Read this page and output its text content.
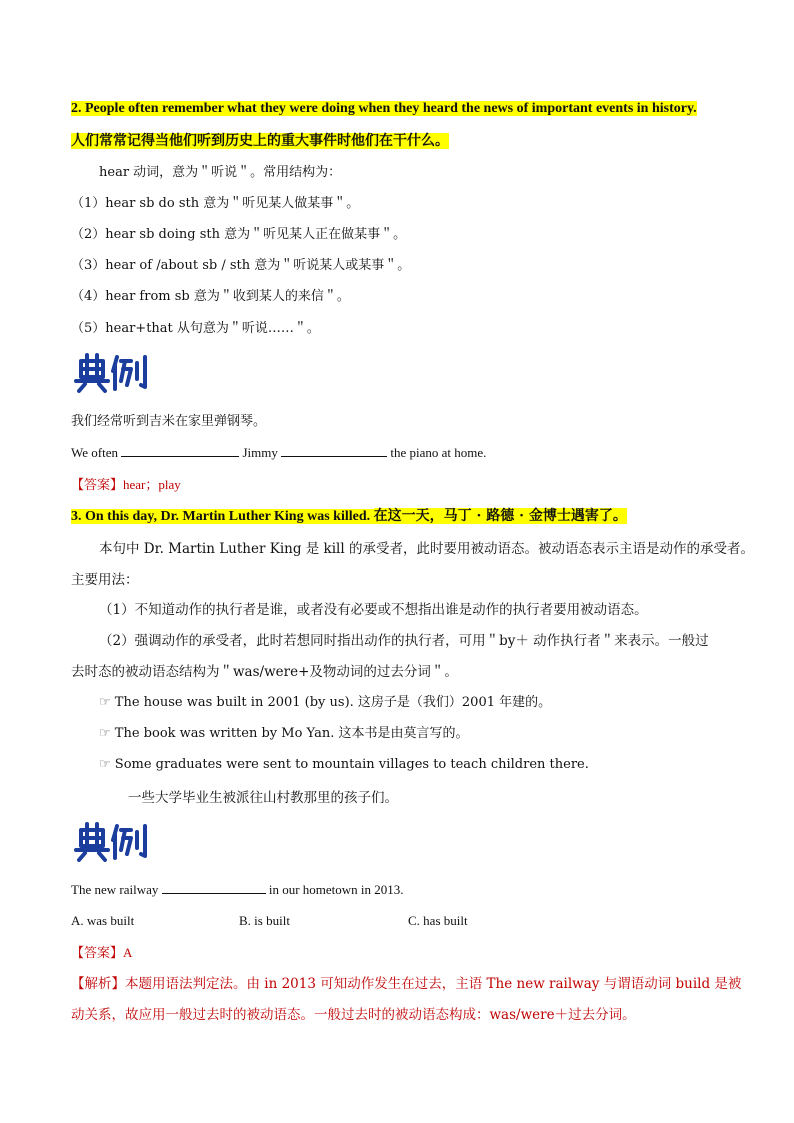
2. People often remember what they were doing when they heard the news of important events in history.
人们常常记得当他们听到历史上的重大事件时他们在干什么。
hear 动词，意为＂听说＂。常用结构为：
（1）hear sb do sth 意为＂听见某人做某事＂。
（2）hear sb doing sth 意为＂听见某人正在做某事＂。
（3）hear of /about sb / sth 意为＂听说某人或某事＂。
（4）hear from sb 意为＂收到某人的来信＂。
（5）hear+that 从句意为＂听说……＂。
我们经常听到吉米在家里弹钢琴。
We often	Jimmy	the piano at home.
【答案】hear；play
3. On this day, Dr. Martin Luther King was killed. 在这一天，马丁 · 路德 · 金博士遇害了。
本句中 Dr. Martin Luther King 是 kill 的承受者，此时要用被动语态。被动语态表示主语是动作的承受者。
主要用法：
（1）不知道动作的执行者是谁，或者没有必要或不想指出谁是动作的执行者要用被动语态。
（2）强调动作的承受者，此时若想同时指出动作的执行者，可用＂by＋ 动作执行者＂来表示。一般过
去时态的被动语态结构为＂was/were+及物动词的过去分词＂。
☞ The house was built in 2001 (by us). 这房子是（我们）2001 年建的。
☞ The book was written by Mo Yan. 这本书是由莫言写的。
☞ Some graduates were sent to mountain villages to teach children there.
一些大学毕业生被派往山村教那里的孩子们。
The new railway	in our hometown in 2013.
A. was built	B. is built	C. has built
【答案】A
【解析】本题用语法判定法。由 in 2013 可知动作发生在过去，主语 The new railway 与谓语动词 build 是被
动关系，故应用一般过去时的被动语态。一般过去时的被动语态构成：was/were＋过去分词。
